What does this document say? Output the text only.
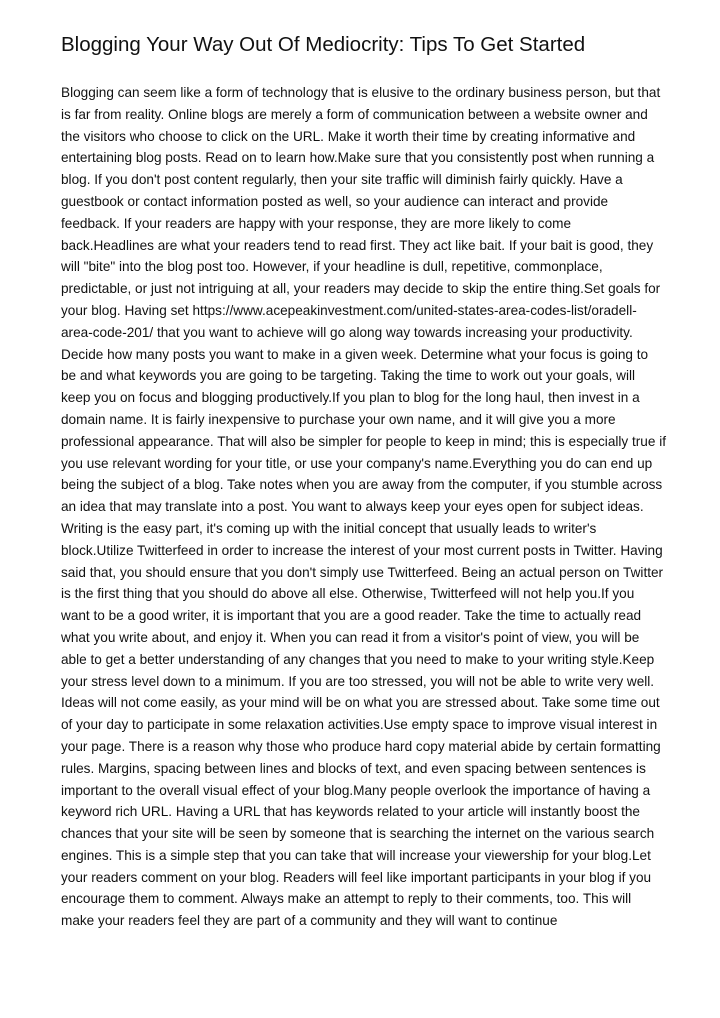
Blogging Your Way Out Of Mediocrity: Tips To Get Started

Blogging can seem like a form of technology that is elusive to the ordinary business person, but that is far from reality. Online blogs are merely a form of communication between a website owner and the visitors who choose to click on the URL. Make it worth their time by creating informative and entertaining blog posts. Read on to learn how.Make sure that you consistently post when running a blog. If you don't post content regularly, then your site traffic will diminish fairly quickly. Have a guestbook or contact information posted as well, so your audience can interact and provide feedback. If your readers are happy with your response, they are more likely to come back.Headlines are what your readers tend to read first. They act like bait. If your bait is good, they will "bite" into the blog post too. However, if your headline is dull, repetitive, commonplace, predictable, or just not intriguing at all, your readers may decide to skip the entire thing.Set goals for your blog. Having set https://www.acepeakinvestment.com/united-states-area-codes-list/oradell-area-code-201/ that you want to achieve will go along way towards increasing your productivity. Decide how many posts you want to make in a given week. Determine what your focus is going to be and what keywords you are going to be targeting. Taking the time to work out your goals, will keep you on focus and blogging productively.If you plan to blog for the long haul, then invest in a domain name. It is fairly inexpensive to purchase your own name, and it will give you a more professional appearance. That will also be simpler for people to keep in mind; this is especially true if you use relevant wording for your title, or use your company's name.Everything you do can end up being the subject of a blog. Take notes when you are away from the computer, if you stumble across an idea that may translate into a post. You want to always keep your eyes open for subject ideas. Writing is the easy part, it's coming up with the initial concept that usually leads to writer's block.Utilize Twitterfeed in order to increase the interest of your most current posts in Twitter. Having said that, you should ensure that you don't simply use Twitterfeed. Being an actual person on Twitter is the first thing that you should do above all else. Otherwise, Twitterfeed will not help you.If you want to be a good writer, it is important that you are a good reader. Take the time to actually read what you write about, and enjoy it. When you can read it from a visitor's point of view, you will be able to get a better understanding of any changes that you need to make to your writing style.Keep your stress level down to a minimum. If you are too stressed, you will not be able to write very well. Ideas will not come easily, as your mind will be on what you are stressed about. Take some time out of your day to participate in some relaxation activities.Use empty space to improve visual interest in your page. There is a reason why those who produce hard copy material abide by certain formatting rules. Margins, spacing between lines and blocks of text, and even spacing between sentences is important to the overall visual effect of your blog.Many people overlook the importance of having a keyword rich URL. Having a URL that has keywords related to your article will instantly boost the chances that your site will be seen by someone that is searching the internet on the various search engines. This is a simple step that you can take that will increase your viewership for your blog.Let your readers comment on your blog. Readers will feel like important participants in your blog if you encourage them to comment. Always make an attempt to reply to their comments, too. This will make your readers feel they are part of a community and they will want to continue
